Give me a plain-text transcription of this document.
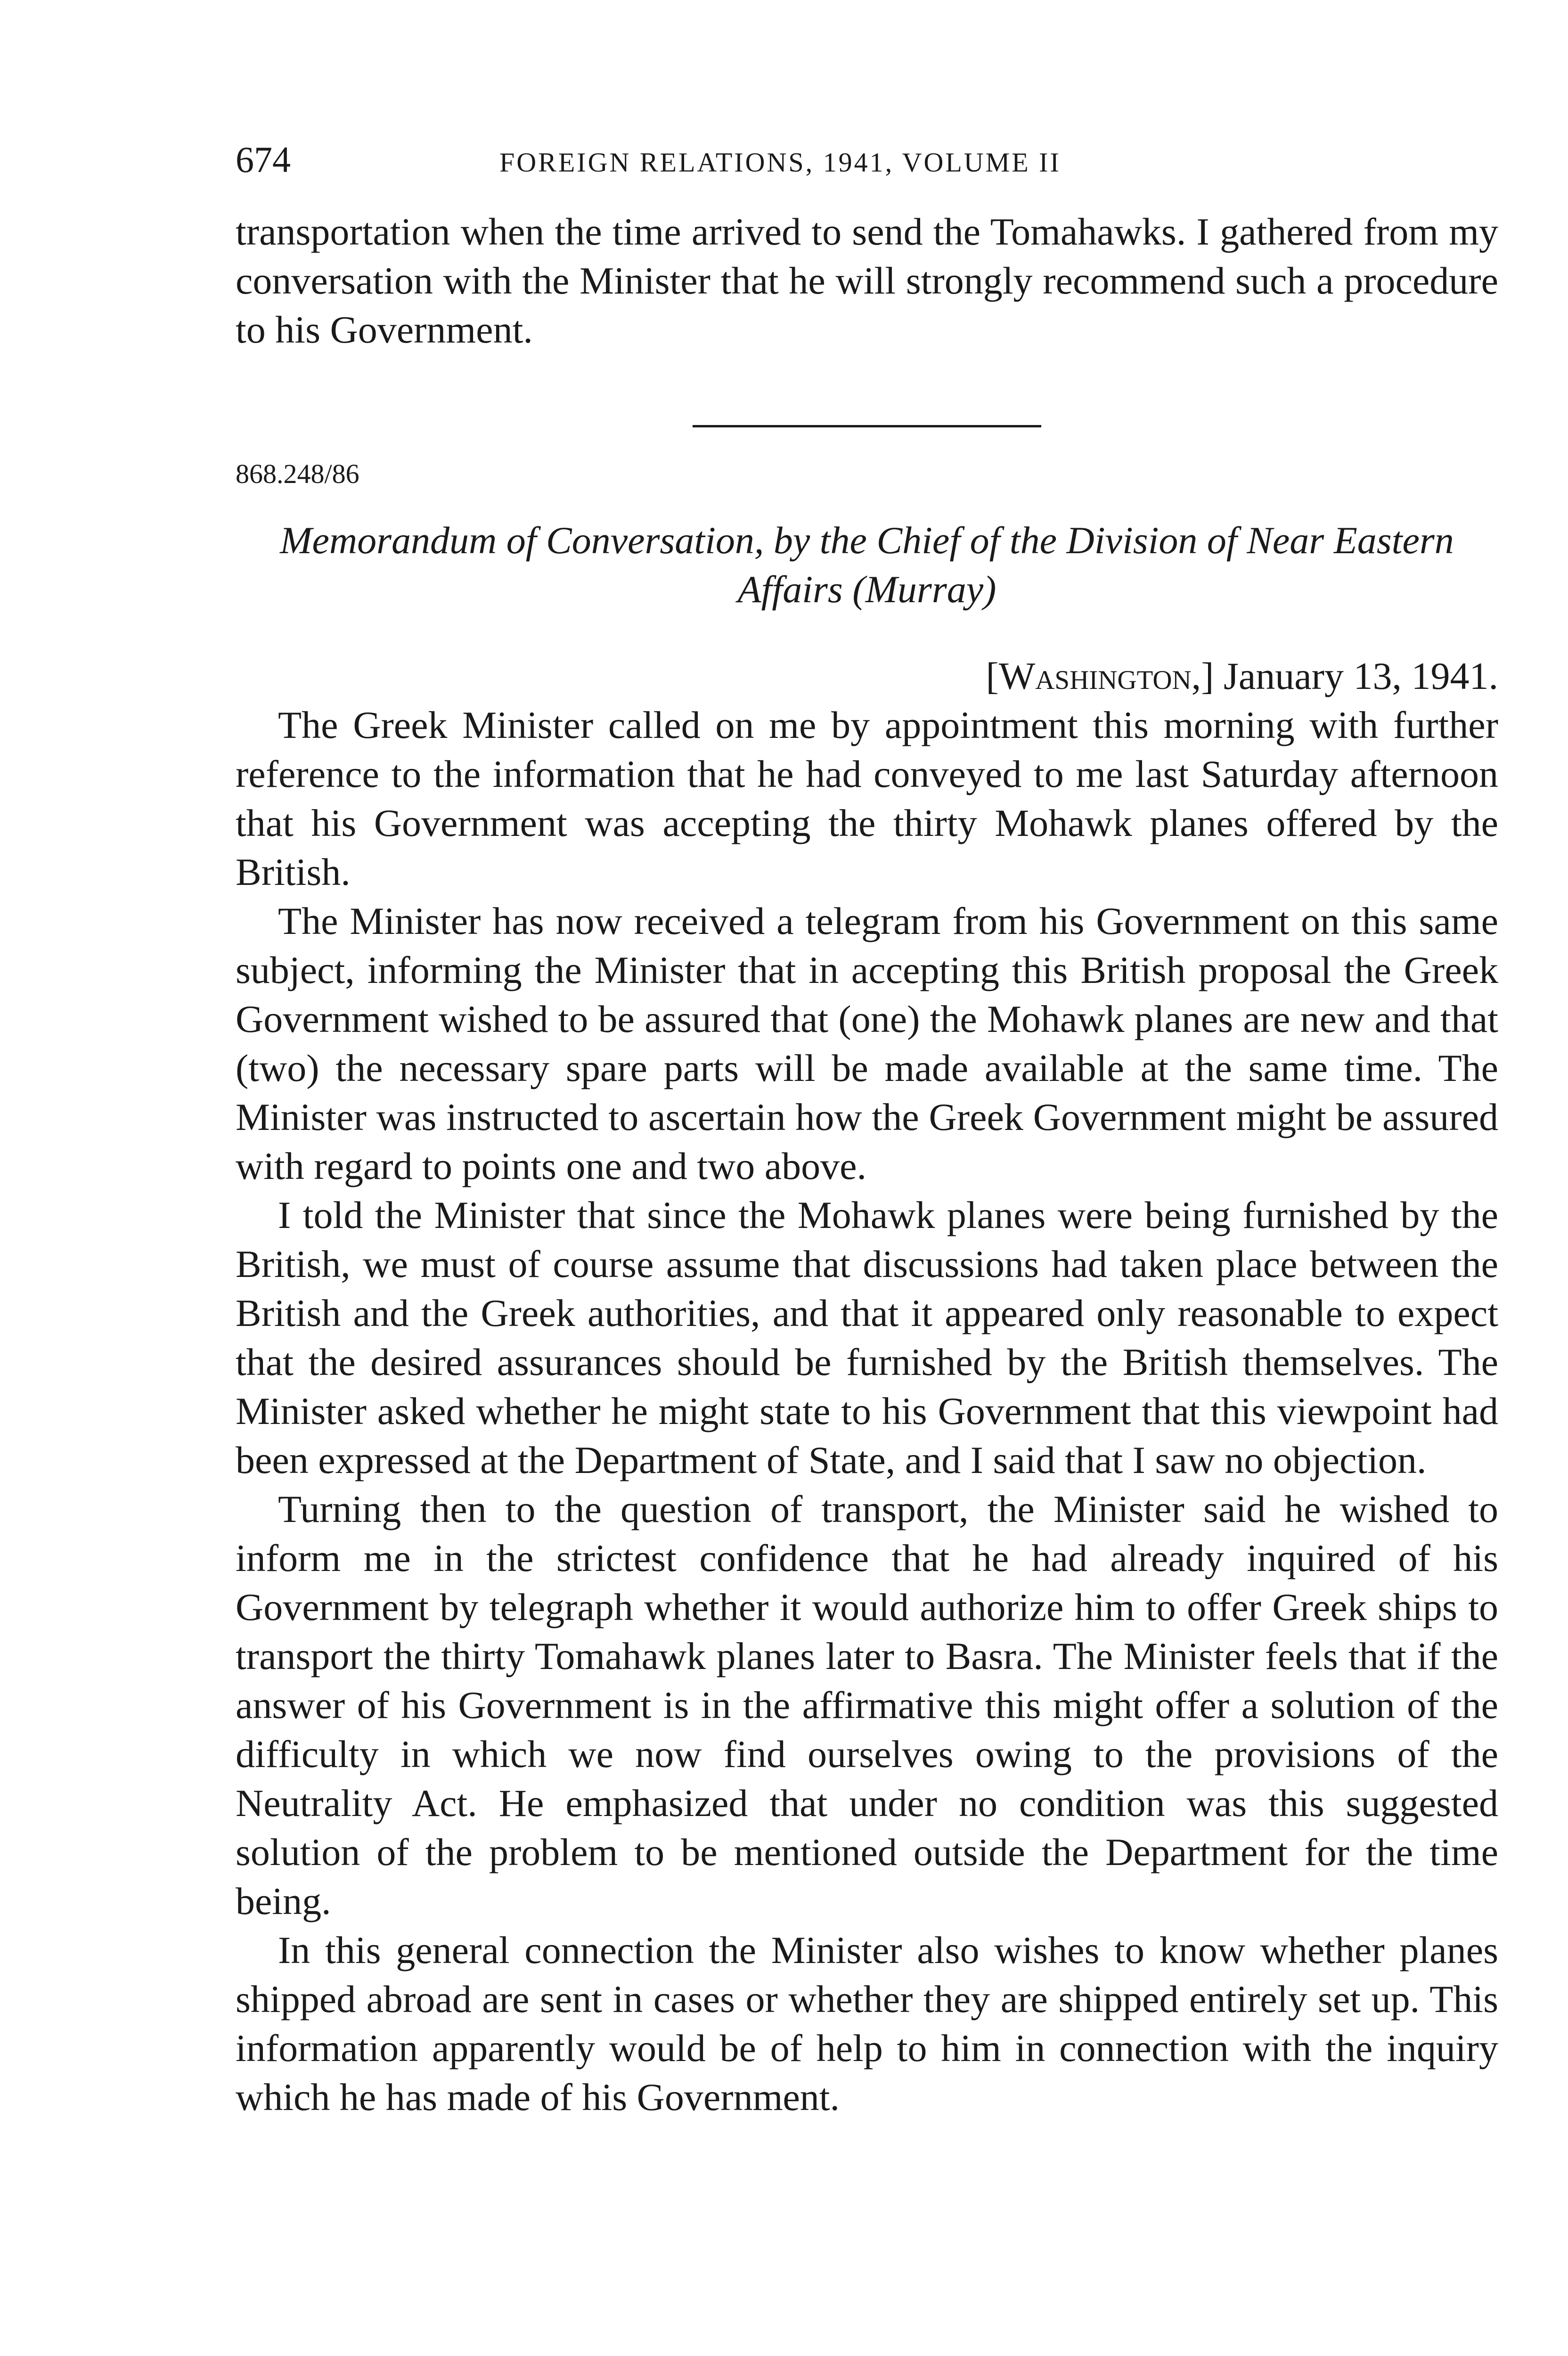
674	FOREIGN RELATIONS, 1941, VOLUME II

transportation when the time arrived to send the Tomahawks. I gathered from my conversation with the Minister that he will strongly recommend such a procedure to his Government.

868.248/86
Memorandum of Conversation, by the Chief of the Division of Near Eastern Affairs (Murray)
[Washington,] January 13, 1941.

The Greek Minister called on me by appointment this morning with further reference to the information that he had conveyed to me last Saturday afternoon that his Government was accepting the thirty Mohawk planes offered by the British.

The Minister has now received a telegram from his Government on this same subject, informing the Minister that in accepting this British proposal the Greek Government wished to be assured that (one) the Mohawk planes are new and that (two) the necessary spare parts will be made available at the same time. The Minister was instructed to ascertain how the Greek Government might be assured with regard to points one and two above.

I told the Minister that since the Mohawk planes were being furnished by the British, we must of course assume that discussions had taken place between the British and the Greek authorities, and that it appeared only reasonable to expect that the desired assurances should be furnished by the British themselves. The Minister asked whether he might state to his Government that this viewpoint had been expressed at the Department of State, and I said that I saw no objection.

Turning then to the question of transport, the Minister said he wished to inform me in the strictest confidence that he had already inquired of his Government by telegraph whether it would authorize him to offer Greek ships to transport the thirty Tomahawk planes later to Basra. The Minister feels that if the answer of his Government is in the affirmative this might offer a solution of the difficulty in which we now find ourselves owing to the provisions of the Neutrality Act. He emphasized that under no condition was this suggested solution of the problem to be mentioned outside the Department for the time being.

In this general connection the Minister also wishes to know whether planes shipped abroad are sent in cases or whether they are shipped entirely set up. This information apparently would be of help to him in connection with the inquiry which he has made of his Government.
